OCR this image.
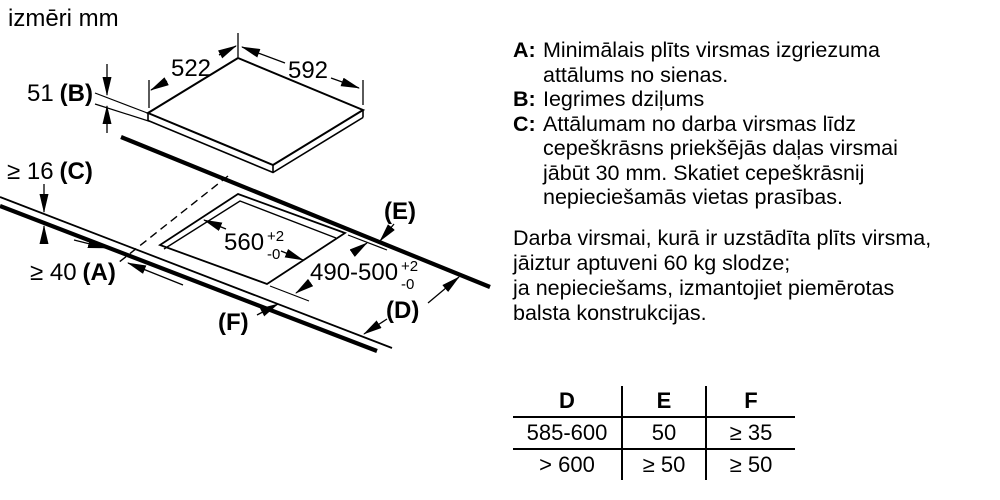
izmēri mm
522	592
51 (B)
≥ 16 (C)
≥ 40 (A)
560 +2
-0
490-500 +2
-0
(E)
(D)
(F)
A: Minimālais plīts virsmas izgriezuma
attālums no sienas.
B: Iegrimes dziļums
C: Attālumam no darba virsmas līdz
cepeškrāsns priekšējās daļas virsmai
jābūt 30 mm. Skatiet cepeškrāsnij
nepieciešamās vietas prasības.
Darba virsmai, kurā ir uzstādīta plīts virsma,
jāiztur aptuveni 60 kg slodze;
ja nepieciešams, izmantojiet piemērotas
balsta konstrukcijas.
D	E	F
585-600	50	≥ 35
> 600	≥ 50	≥ 50
